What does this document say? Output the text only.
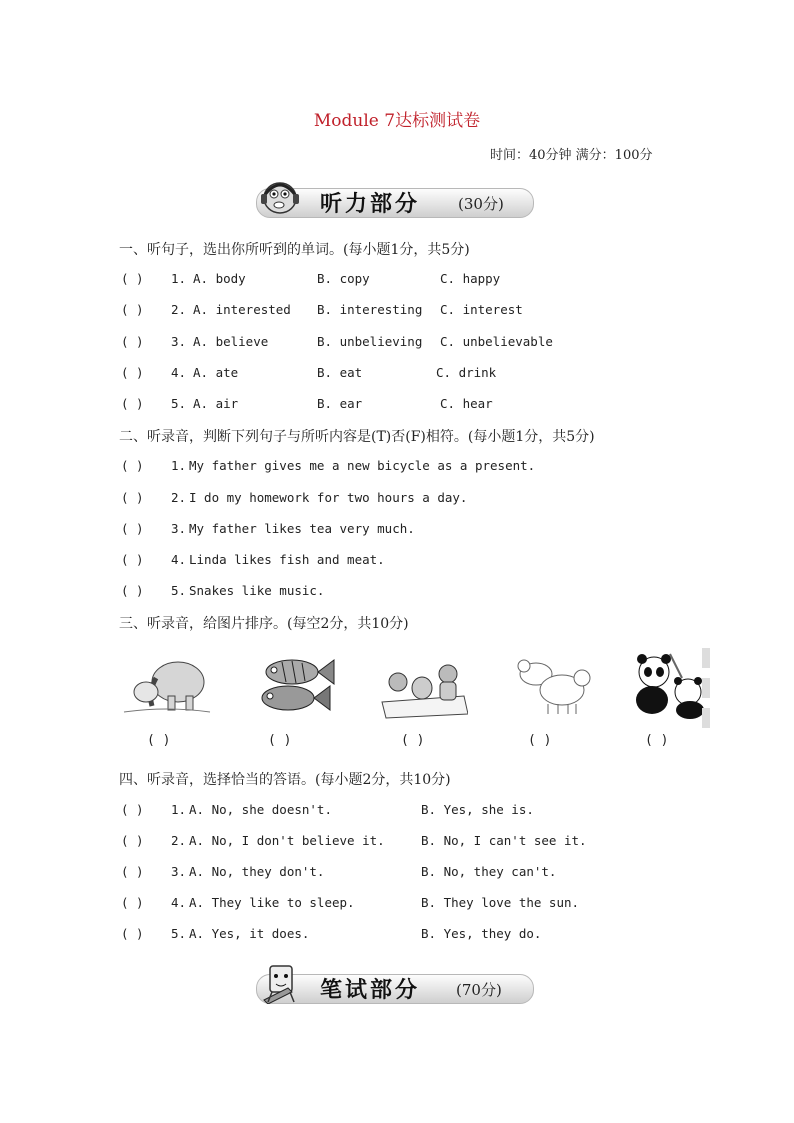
Module 7达标测试卷
时间：40分钟 满分：100分
听力部分	(30分)
一、听句子，选出你所听到的单词。(每小题1分，共5分)
( ) 1. A. body	B. copy	C. happy
( ) 2. A. interested B. interesting C. interest
( ) 3. A. believe	B. unbelieving C. unbelievable
( ) 4. A. ate	B. eat	C. drink
( ) 5. A. air	B. ear	C. hear
二、听录音，判断下列句子与所听内容是(T)否(F)相符。(每小题1分，共5分)
( ) 1. My father gives me a new bicycle as a present.
( ) 2. I do my homework for two hours a day.
( ) 3. My father likes tea very much.
( ) 4. Linda likes fish and meat.
( ) 5. Snakes like music.
三、听录音，给图片排序。(每空2分，共10分)
( )	( )	( )	( )	( )
四、听录音，选择恰当的答语。(每小题2分，共10分)
( ) 1. A. No, she doesn't.	B. Yes, she is.
( ) 2. A. No, I don't believe it.	B. No, I can't see it.
( ) 3. A. No, they don't.	B. No, they can't.
( ) 4. A. They like to sleep.	B. They love the sun.
( ) 5. A. Yes, it does.	B. Yes, they do.
笔试部分 (70分)
